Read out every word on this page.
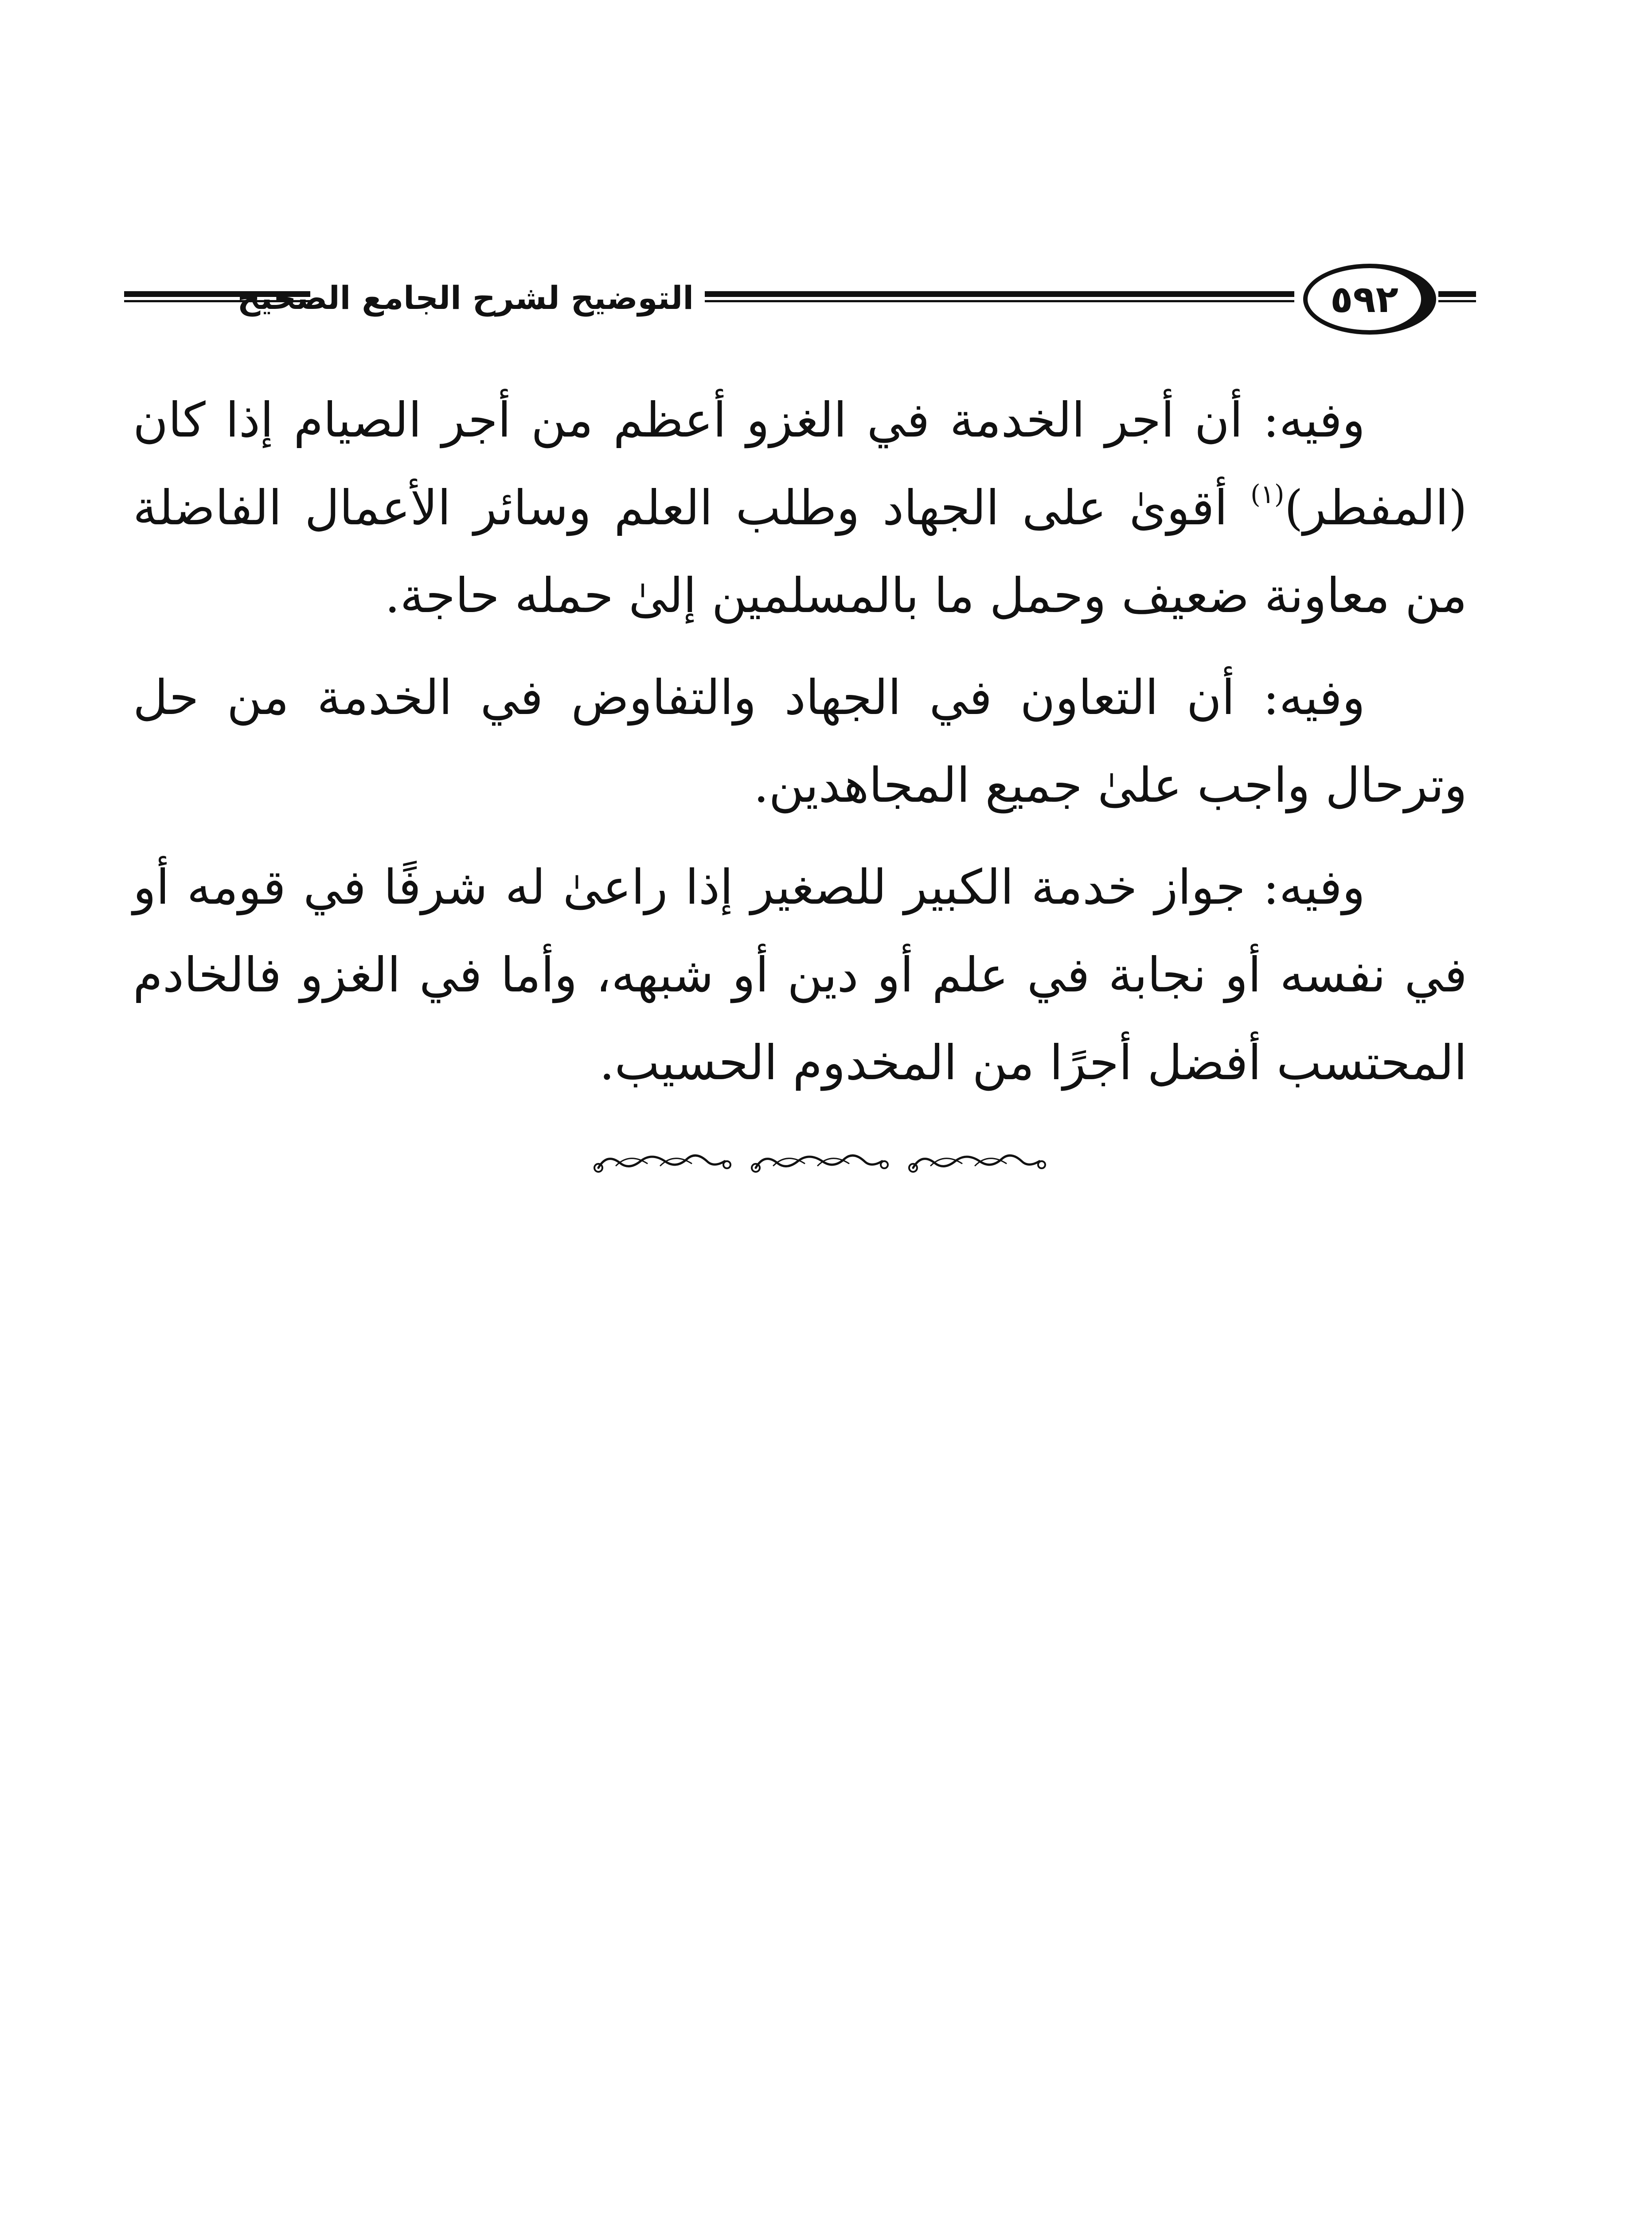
التوضيح لشرح الجامع الصحيح	٥٩٢

وفيه: أن أجر الخدمة في الغزو أعظم من أجر الصيام إذا كان (المفطر)$^{(١)}$ أقوىٰ على الجهاد وطلب العلم وسائر الأعمال الفاضلة من معاونة ضعيف وحمل ما بالمسلمين إلىٰ حمله حاجة.

وفيه: أن التعاون في الجهاد والتفاوض في الخدمة من حل وترحال واجب علىٰ جميع المجاهدين.

وفيه: جواز خدمة الكبير للصغير إذا راعىٰ له شرفًا في قومه أو في نفسه أو نجابة في علم أو دين أو شبهه، وأما في الغزو فالخادم المحتسب أفضل أجرًا من المخدوم الحسيب.
